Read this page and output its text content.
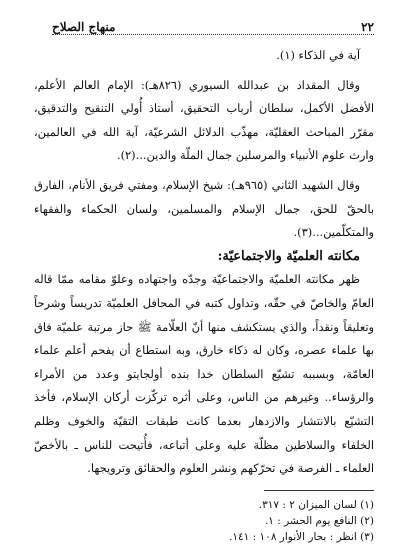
٢٢
منهاج الصلاح

آية في الذكاء (١).

وقال المقداد بن عبدالله السيوري (٨٢٦هـ): الإمام العالم الأعلم، الأفضل الأكمل، سلطان أرباب التحقيق، أستاذ أُولي التنقيح والتدقيق، مقرّر المباحث العقليّة، مهذّب الدلائل الشرعيّة، آية الله في العالمين، وارث علوم الأنبياء والمرسلين جمال الملّة والدين...(٢).

وقال الشهيد الثاني (٩٦٥هـ): شيخ الإسلام، ومفتي فريق الأنام، الفارق بالحقّ للحق، جمال الإسلام والمسلمين، ولسان الحكماء والفقهاء والمتكلّمين...(٣).

مكانته العلميّة والاجتماعيّة:

ظهر مكانته العلميّة والاجتماعيّة وجدّه واجتهاده وعلوّ مقامه ممّا قاله العامّ والخاصّ في حقّه، وتداول كتبه في المحافل العلميّة تدريساً وشرحاً وتعليقاً ونقداً، والذي يستكشف منها أنّ العلّامة ﷺ حاز مرتبة علميّة فاق بها علماء عصره، وكان له ذكاء خارق، وبه استطاع أن يفحم أعلم علماء العامّة، وبسببه تشيّع السلطان خدا بنده أولجايتو وعدد من الأمراء والرؤساء.. وغيرهم من الناس، وعلى أثره تركّزت أركان الإسلام، فأخذ التشيّع بالانتشار والازدهار بعدما كانت طبقات التقيّة والخوف وظلم الخلفاء والسلاطين مظلّة عليه وعلى أتباعه، فأُتيحت للناس ـ بالأخصّ العلماء ـ الفرصة في تحرّكهم ونشر العلوم والحقائق وترويجها.

(١) لسان الميزان ٢ : ٣١٧.
(٢) النافع يوم الحشر : ١.
(٣) انظر : بحار الأنوار ١٠٨ : ١٤١.
